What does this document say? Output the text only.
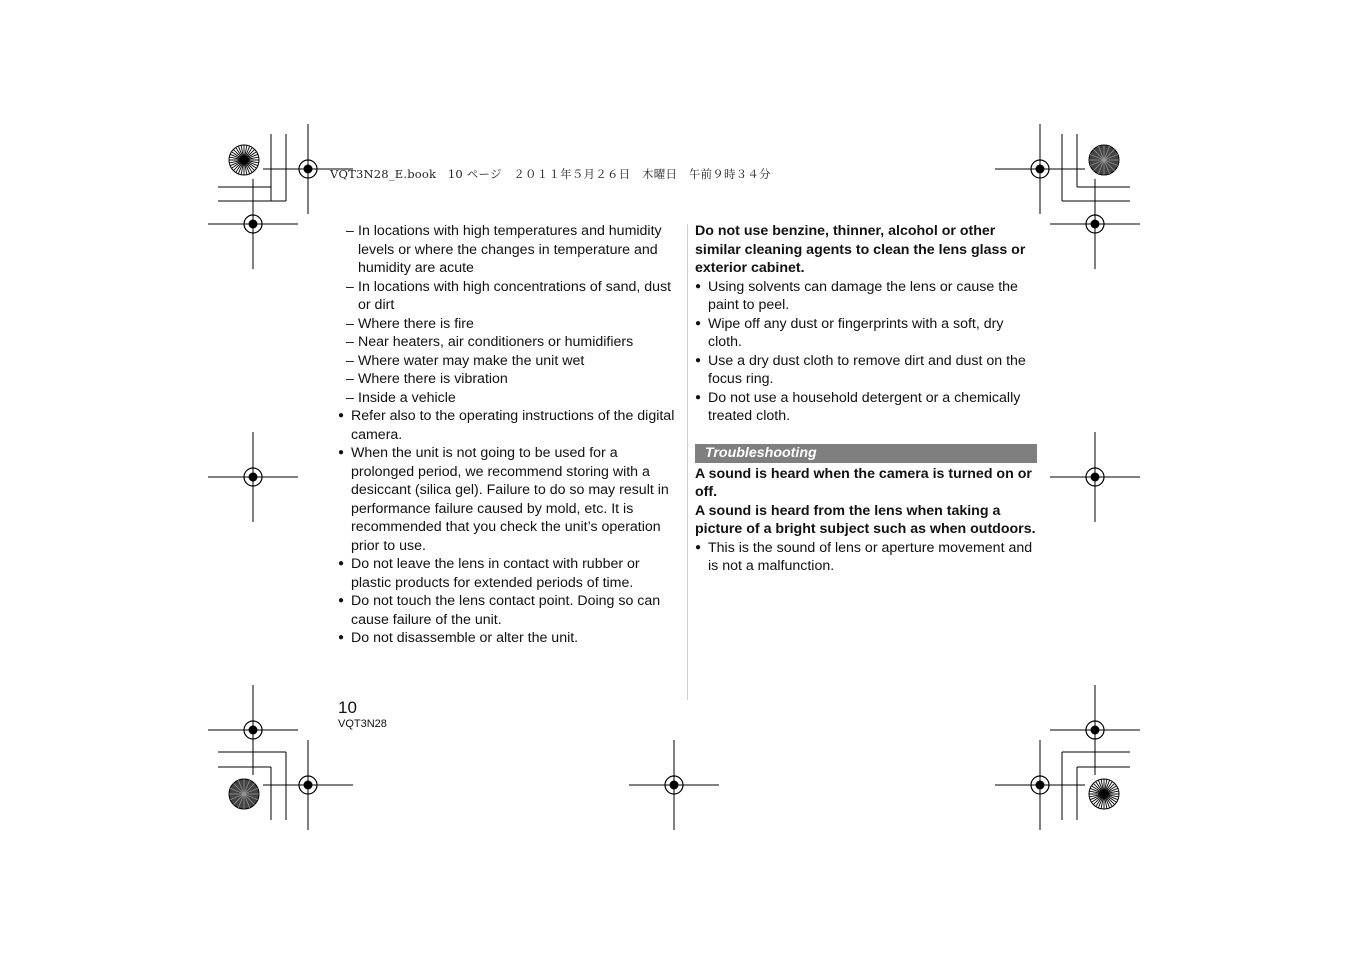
VQT3N28_E.book　10 ページ　２０１１年５月２６日　木曜日　午前９時３４分
– In locations with high temperatures and humidity levels or where the changes in temperature and humidity are acute
– In locations with high concentrations of sand, dust or dirt
– Where there is fire
– Near heaters, air conditioners or humidifiers
– Where water may make the unit wet
– Where there is vibration
– Inside a vehicle
● Refer also to the operating instructions of the digital camera.
● When the unit is not going to be used for a prolonged period, we recommend storing with a desiccant (silica gel). Failure to do so may result in performance failure caused by mold, etc. It is recommended that you check the unit’s operation prior to use.
● Do not leave the lens in contact with rubber or plastic products for extended periods of time.
● Do not touch the lens contact point. Doing so can cause failure of the unit.
● Do not disassemble or alter the unit.
Do not use benzine, thinner, alcohol or other similar cleaning agents to clean the lens glass or exterior cabinet.
● Using solvents can damage the lens or cause the paint to peel.
● Wipe off any dust or fingerprints with a soft, dry cloth.
● Use a dry dust cloth to remove dirt and dust on the focus ring.
● Do not use a household detergent or a chemically treated cloth.
Troubleshooting
A sound is heard when the camera is turned on or off.
A sound is heard from the lens when taking a picture of a bright subject such as when outdoors.
● This is the sound of lens or aperture movement and is not a malfunction.
10
VQT3N28
